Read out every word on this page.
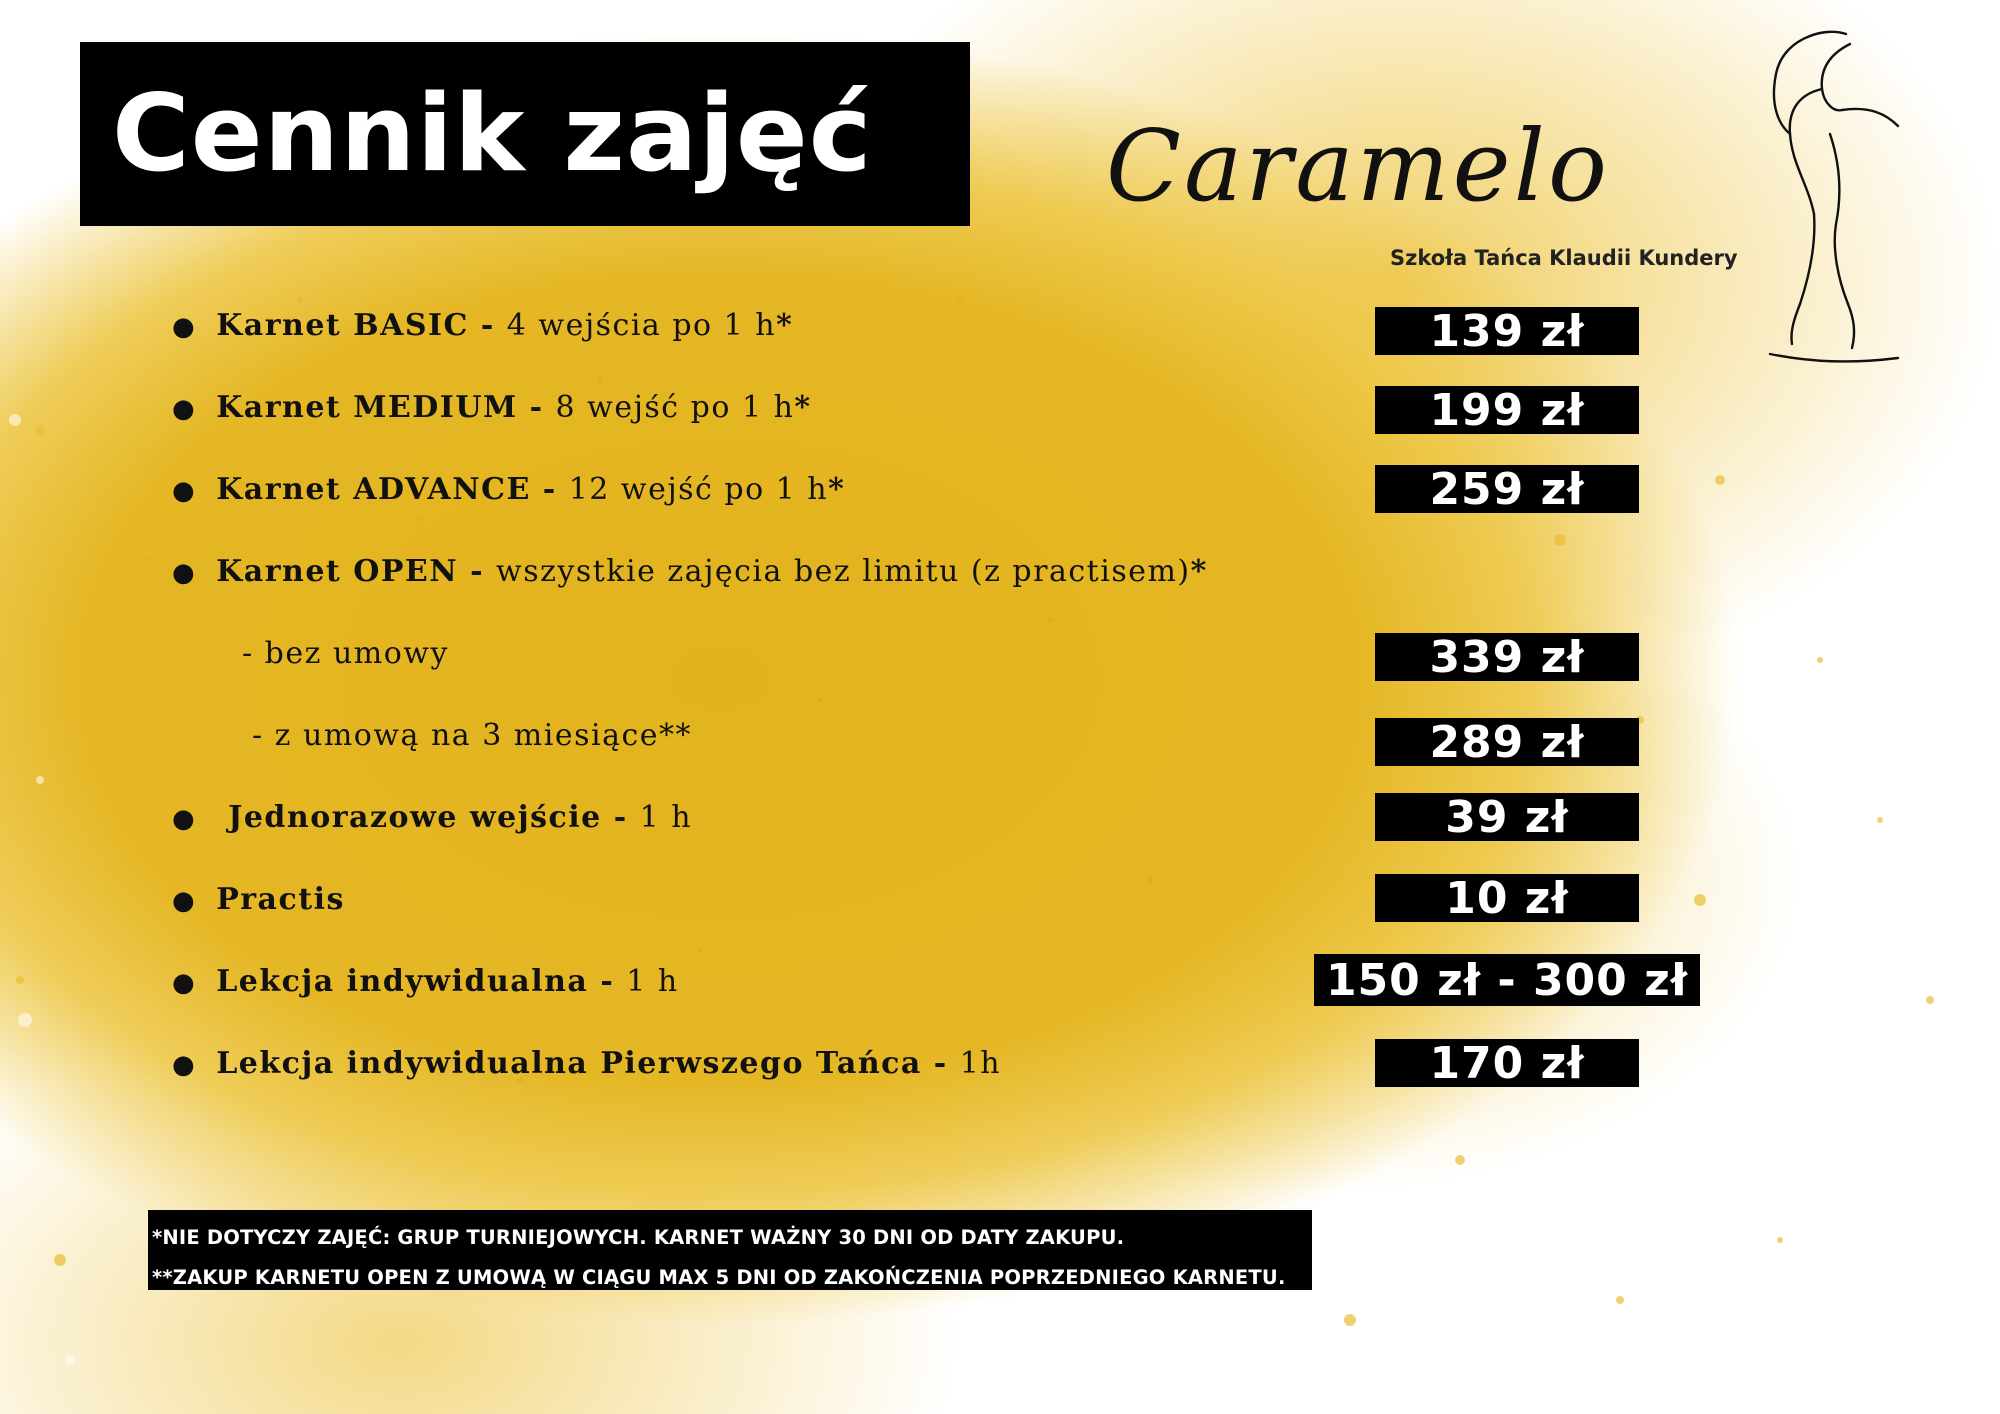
Cennik zajęć Caramelo
Szkoła Tańca Klaudii Kundery
● Karnet BASIC - 4 wejścia po 1 h *	139 zł
● Karnet MEDIUM - 8 wejść po 1 h *	199 zł
● Karnet ADVANCE - 12 wejść po 1 h *	259 zł
● Karnet OPEN - wszystkie zajęcia bez limitu (z practisem) *
- bez umowy	339 zł
- z umową na 3 miesiące**	289 zł
● Jednorazowe wejście - 1 h	39 zł
● Practis	10 zł
● Lekcja indywidualna - 1 h	150 zł - 300 zł
● Lekcja indywidualna Pierwszego Tańca - 1h	170 zł
*NIE DOTYCZY ZAJĘĆ: GRUP TURNIEJOWYCH. KARNET WAŻNY 30 DNI OD DATY ZAKUPU.
**ZAKUP KARNETU OPEN Z UMOWĄ W CIĄGU MAX 5 DNI OD ZAKOŃCZENIA POPRZEDNIEGO KARNETU.
